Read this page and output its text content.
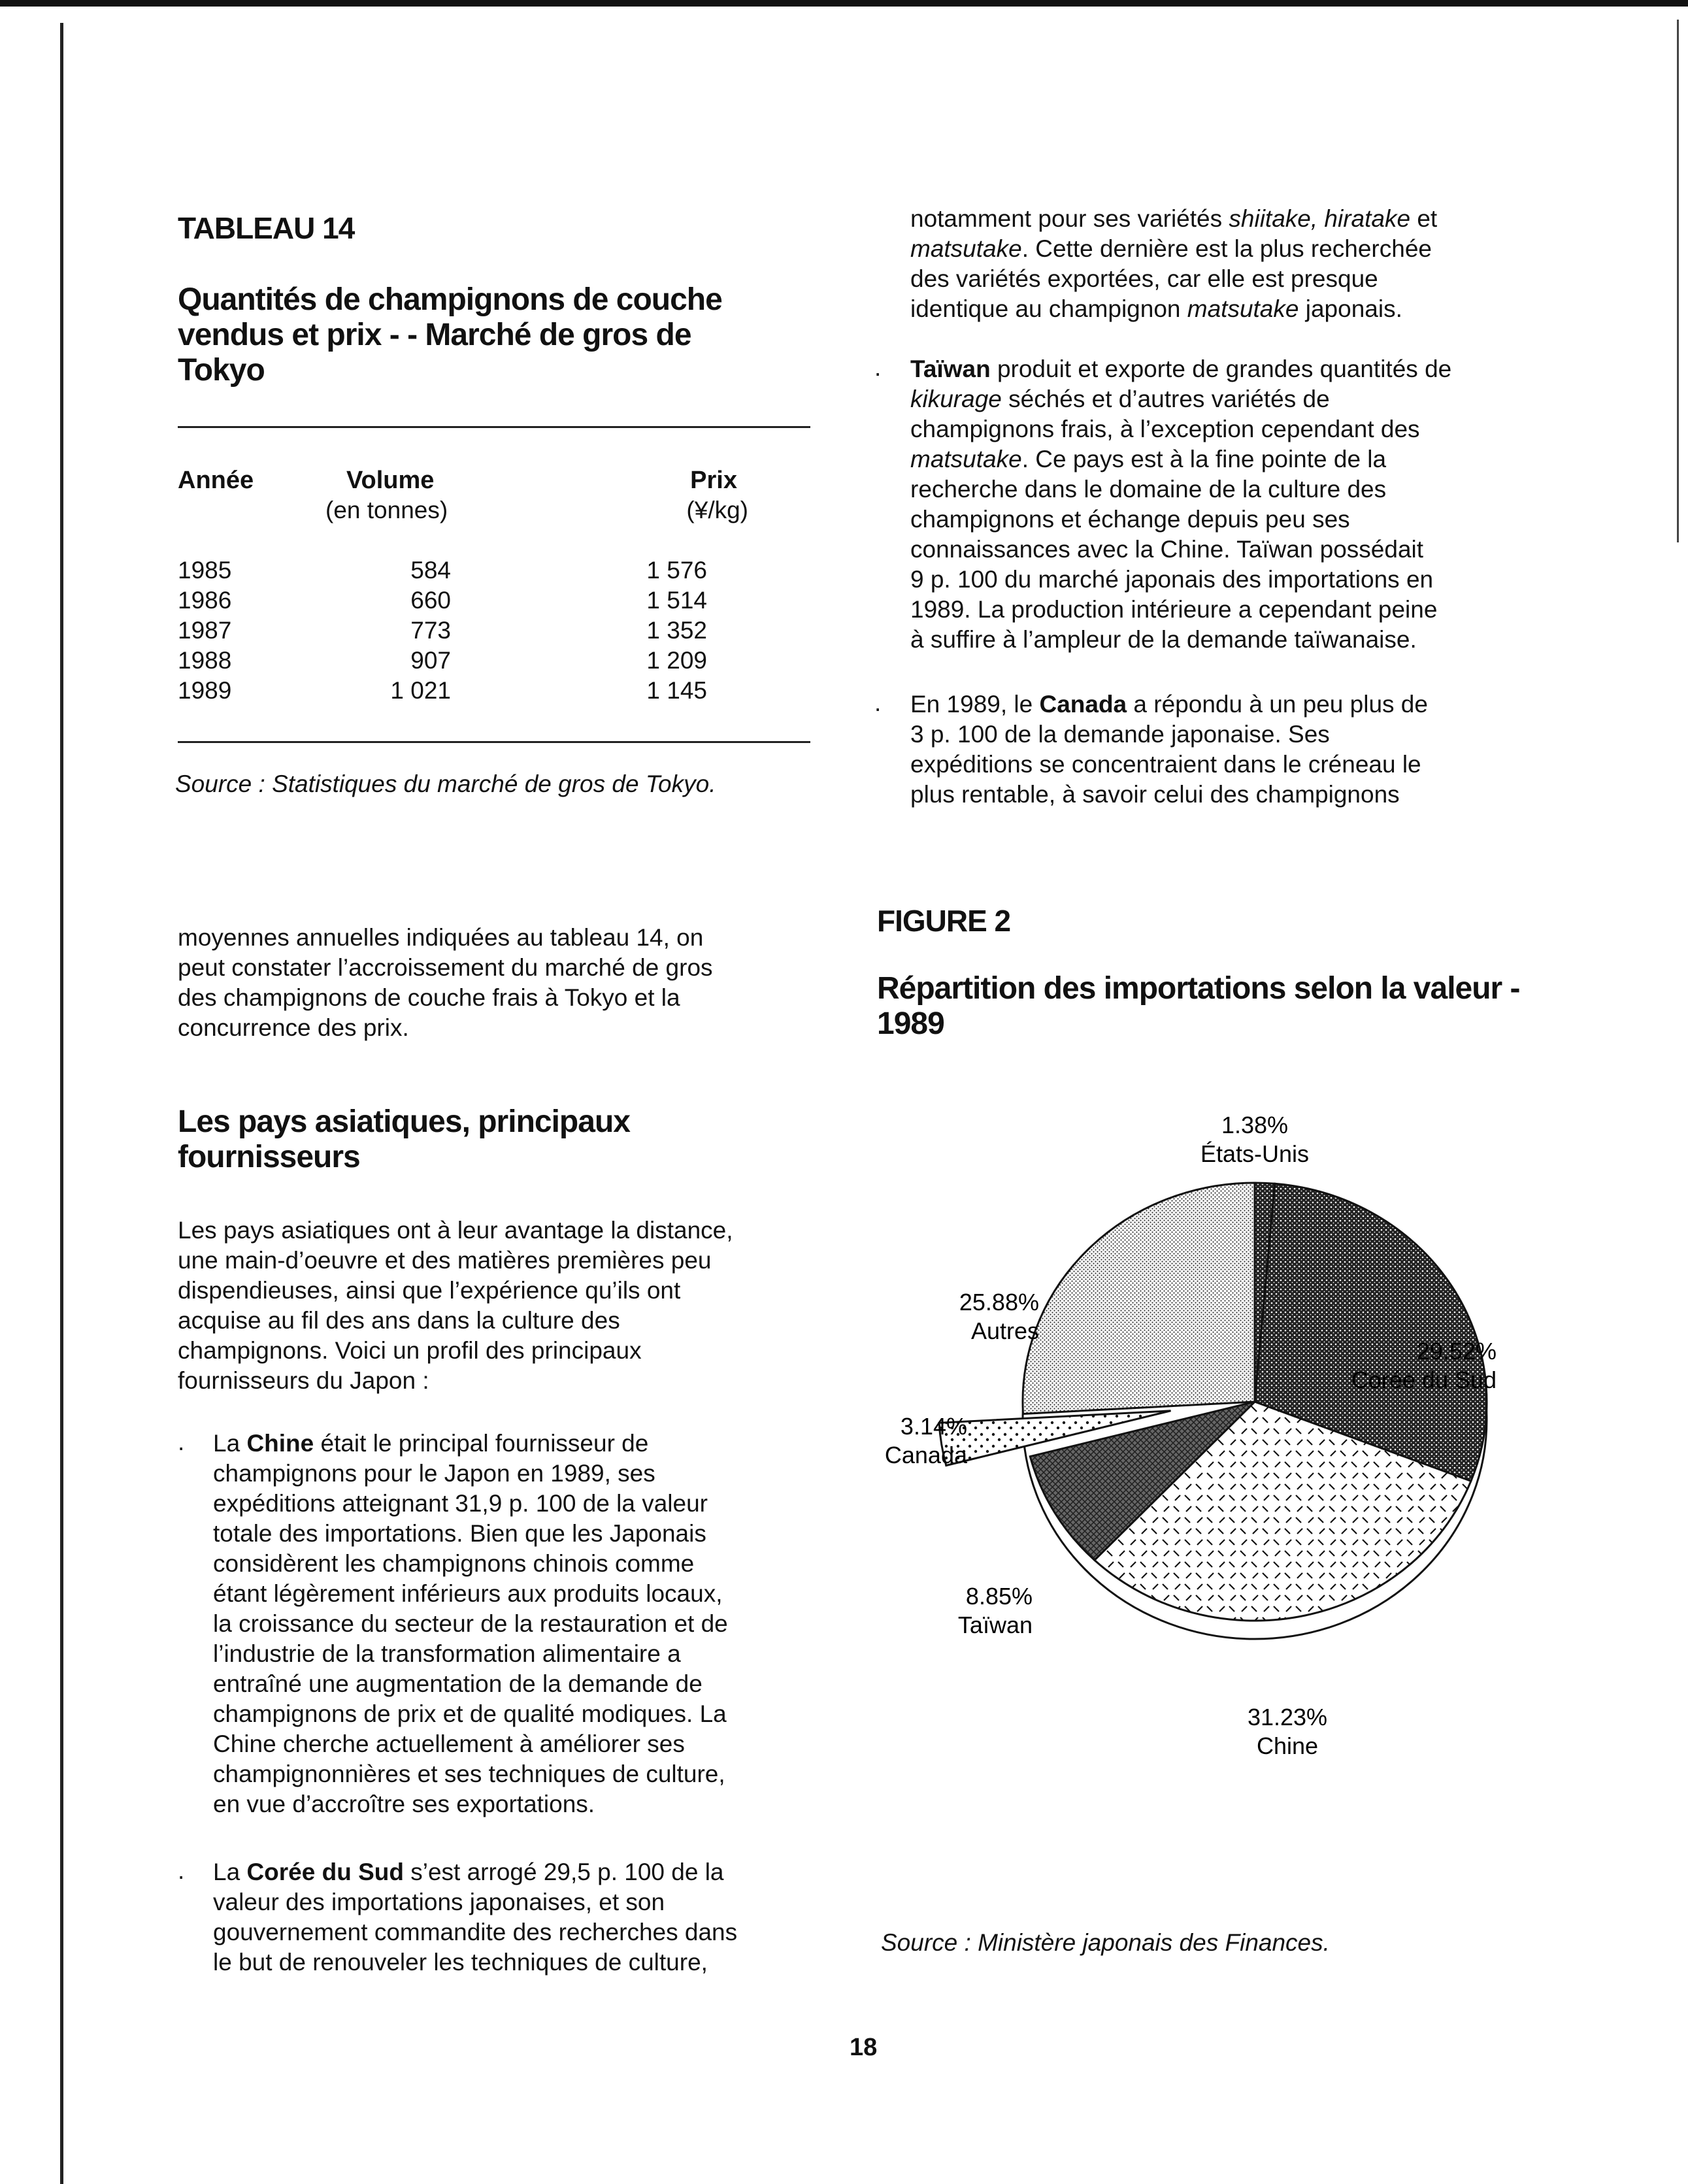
TABLEAU 14
Quantités de champignons de couche
vendus et prix - - Marché de gros de
Tokyo
Année	Volume	Prix
	(en tonnes)	(¥/kg)

1985	584	1 576
1986	660	1 514
1987	773	1 352
1988	907	1 209
1989	1 021	1 145
Source : Statistiques du marché de gros de Tokyo.

moyennes annuelles indiquées au tableau 14, on

peut constater l’accroissement du marché de gros

des champignons de couche frais à Tokyo et la

concurrence des prix.

Les pays asiatiques, principaux
fournisseurs

Les pays asiatiques ont à leur avantage la distance,

une main-d’oeuvre et des matières premières peu

dispendieuses, ainsi que l’expérience qu’ils ont

acquise au fil des ans dans la culture des

champignons. Voici un profil des principaux

fournisseurs du Japon :

. La Chine était le principal fournisseur de

champignons pour le Japon en 1989, ses

expéditions atteignant 31,9 p. 100 de la valeur

totale des importations. Bien que les Japonais

considèrent les champignons chinois comme

étant légèrement inférieurs aux produits locaux,

la croissance du secteur de la restauration et de

l’industrie de la transformation alimentaire a

entraîné une augmentation de la demande de

champignons de prix et de qualité modiques. La

Chine cherche actuellement à améliorer ses

champignonnières et ses techniques de culture,

en vue d’accroître ses exportations.

. La Corée du Sud s’est arrogé 29,5 p. 100 de la

valeur des importations japonaises, et son

gouvernement commandite des recherches dans

le but de renouveler les techniques de culture,

notamment pour ses variétés shiitake, hiratake et

matsutake. Cette dernière est la plus recherchée

des variétés exportées, car elle est presque

identique au champignon matsutake japonais.

. Taïwan produit et exporte de grandes quantités de

kikurage séchés et d’autres variétés de

champignons frais, à l’exception cependant des

matsutake. Ce pays est à la fine pointe de la

recherche dans le domaine de la culture des

champignons et échange depuis peu ses

connaissances avec la Chine. Taïwan possédait

9 p. 100 du marché japonais des importations en

1989. La production intérieure a cependant peine

à suffire à l’ampleur de la demande taïwanaise.

. En 1989, le Canada a répondu à un peu plus de

3 p. 100 de la demande japonaise. Ses

expéditions se concentraient dans le créneau le

plus rentable, à savoir celui des champignons

FIGURE 2
Répartition des importations selon la valeur -
1989
1.38%
États-Unis
29.52%
Corée du Sud
31.23%
Chine
8.85%
Taïwan
3.14%
Canada
25.88%
Autres
Source : Ministère japonais des Finances.
18
